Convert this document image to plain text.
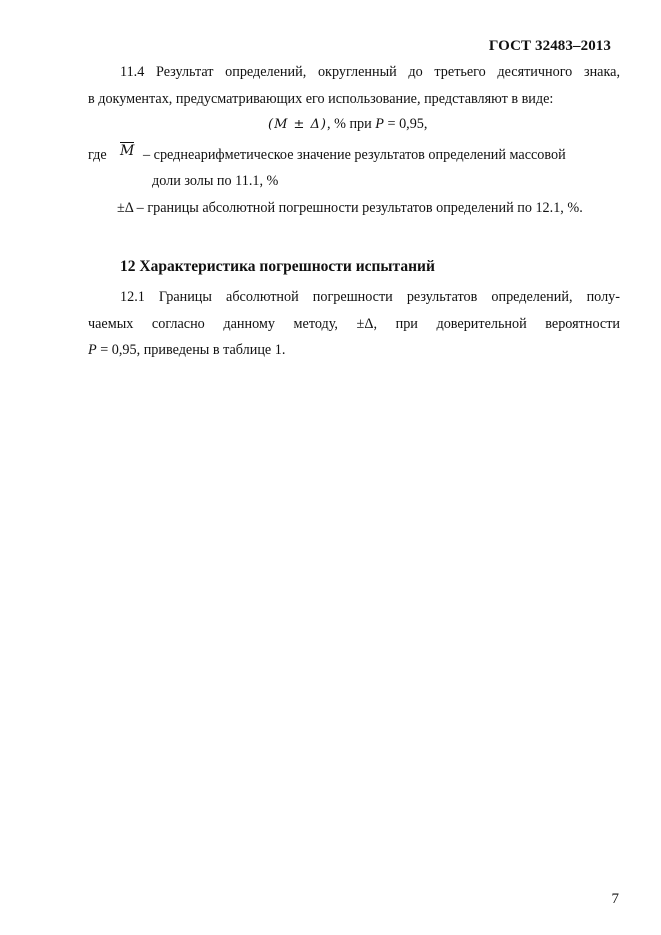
ГОСТ 32483–2013
11.4 Результат определений, округленный до третьего десятичного знака,
в документах, предусматривающих его использование, представляют в виде:
(M ± Δ), % при P = 0,95,
где M – среднеарифметическое значение результатов определений массовой
доли золы по 11.1, %
±Δ – границы абсолютной погрешности результатов определений по 12.1, %.
12 Характеристика погрешности испытаний
12.1 Границы абсолютной погрешности результатов определений, полу-
чаемых согласно данному методу, ±Δ, при доверительной вероятности
P = 0,95, приведены в таблице 1.
7
